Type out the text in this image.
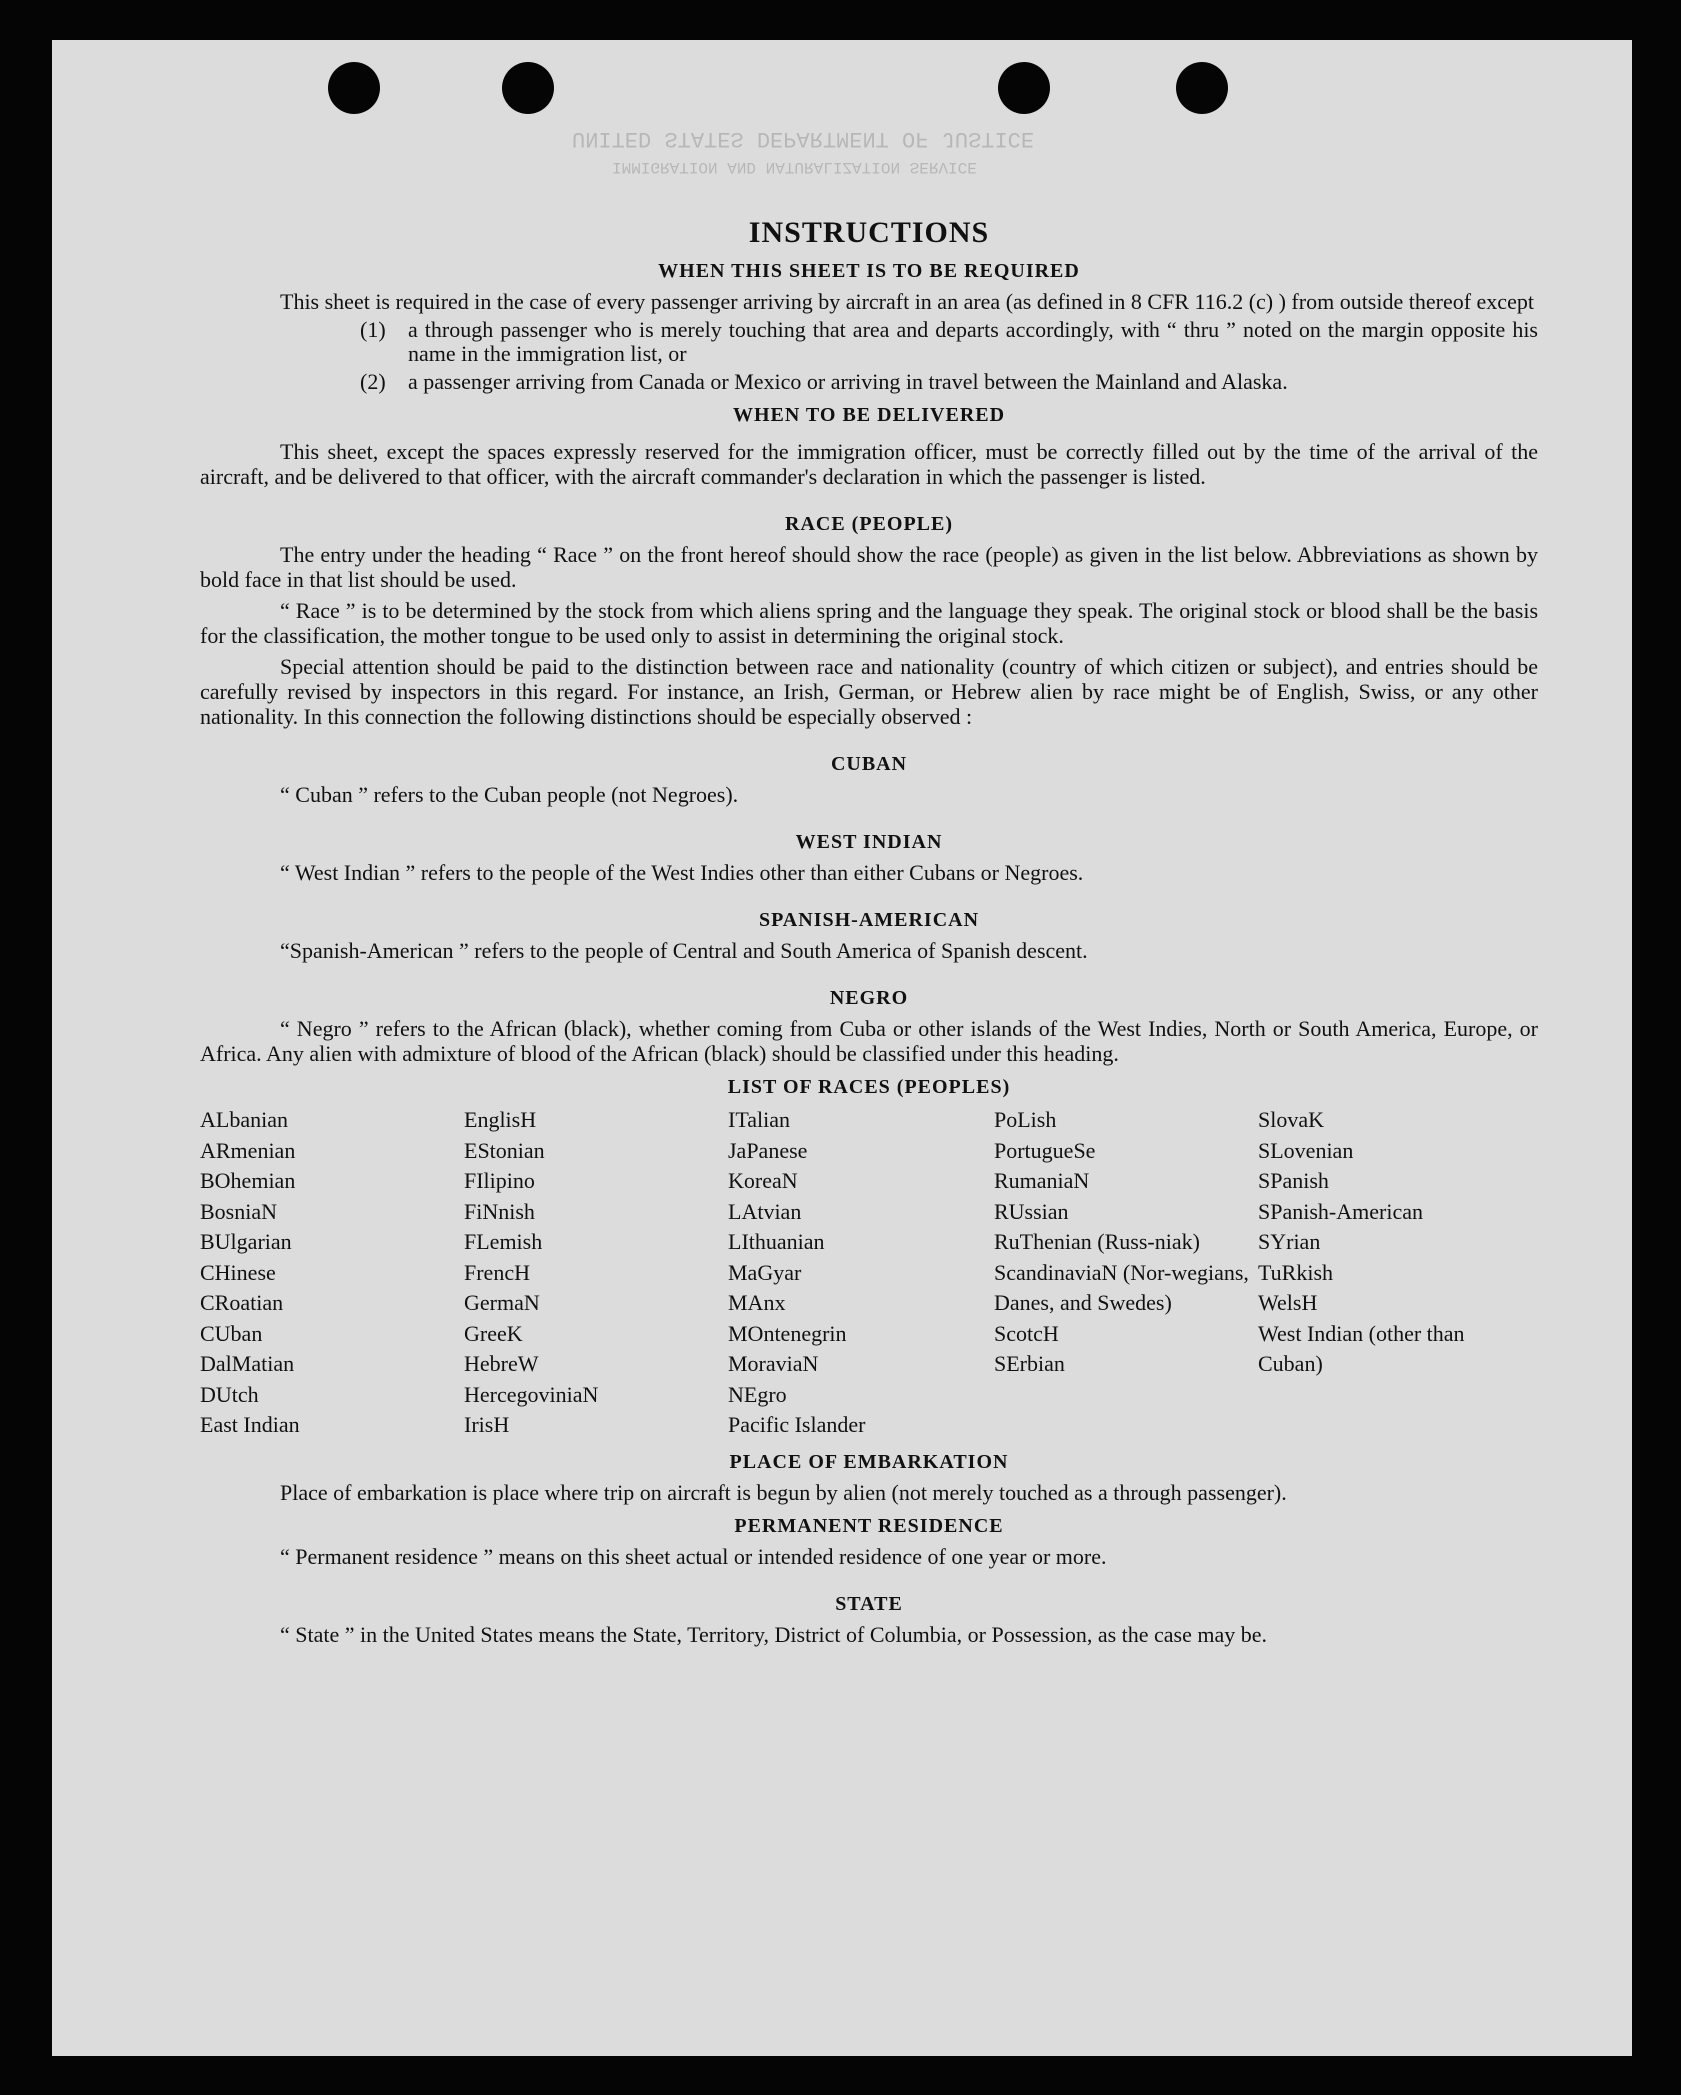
UNITED STATES DEPARTMENT OF JUSTICE
IMMIGRATION AND NATURALIZATION SERVICE
INSTRUCTIONS
WHEN THIS SHEET IS TO BE REQUIRED

This sheet is required in the case of every passenger arriving by aircraft in an area (as defined in 8 CFR 116.2 (c) ) from outside thereof except

(1)	a through passenger who is merely touching that area and departs accordingly, with “ thru ” noted on the margin opposite his name in the immigration list, or
(2)	a passenger arriving from Canada or Mexico or arriving in travel between the Mainland and Alaska.
WHEN TO BE DELIVERED

This sheet, except the spaces expressly reserved for the immigration officer, must be correctly filled out by the time of the arrival of the aircraft, and be delivered to that officer, with the aircraft commander's declaration in which the passenger is listed.

RACE (PEOPLE)

The entry under the heading “ Race ” on the front hereof should show the race (people) as given in the list below. Abbreviations as shown by bold face in that list should be used.

“ Race ” is to be determined by the stock from which aliens spring and the language they speak. The original stock or blood shall be the basis for the classification, the mother tongue to be used only to assist in determining the original stock.

Special attention should be paid to the distinction between race and nationality (country of which citizen or subject), and entries should be carefully revised by inspectors in this regard. For instance, an Irish, German, or Hebrew alien by race might be of English, Swiss, or any other nationality. In this connection the following distinctions should be especially observed :

CUBAN

“ Cuban ” refers to the Cuban people (not Negroes).

WEST INDIAN

“ West Indian ” refers to the people of the West Indies other than either Cubans or Negroes.

SPANISH-AMERICAN

“Spanish-American ” refers to the people of Central and South America of Spanish descent.

NEGRO

“ Negro ” refers to the African (black), whether coming from Cuba or other islands of the West Indies, North or South America, Europe, or Africa. Any alien with admixture of blood of the African (black) should be classified under this heading.

LIST OF RACES (PEOPLES)
ALbanian
ARmenian
BOhemian
BosniaN
BUlgarian
CHinese
CRoatian
CUban
DalMatian
DUtch
East Indian
EnglisH
EStonian
FIlipino
FiNnish
FLemish
FrencH
GermaN
GreeK
HebreW
HercegoviniaN
IrisH
ITalian
JaPanese
KoreaN
LAtvian
LIthuanian
MaGyar
MAnx
MOntenegrin
MoraviaN
NEgro
Pacific Islander
PoLish
PortugueSe
RumaniaN
RUssian
RuThenian (Russ-niak)
ScandinaviaN (Nor-wegians, Danes, and Swedes)
ScotcH
SErbian
SlovaK
SLovenian
SPanish
SPanish-American
SYrian
TuRkish
WelsH
West Indian (other than Cuban)
PLACE OF EMBARKATION

Place of embarkation is place where trip on aircraft is begun by alien (not merely touched as a through passenger).

PERMANENT RESIDENCE

“ Permanent residence ” means on this sheet actual or intended residence of one year or more.

STATE

“ State ” in the United States means the State, Territory, District of Columbia, or Possession, as the case may be.
